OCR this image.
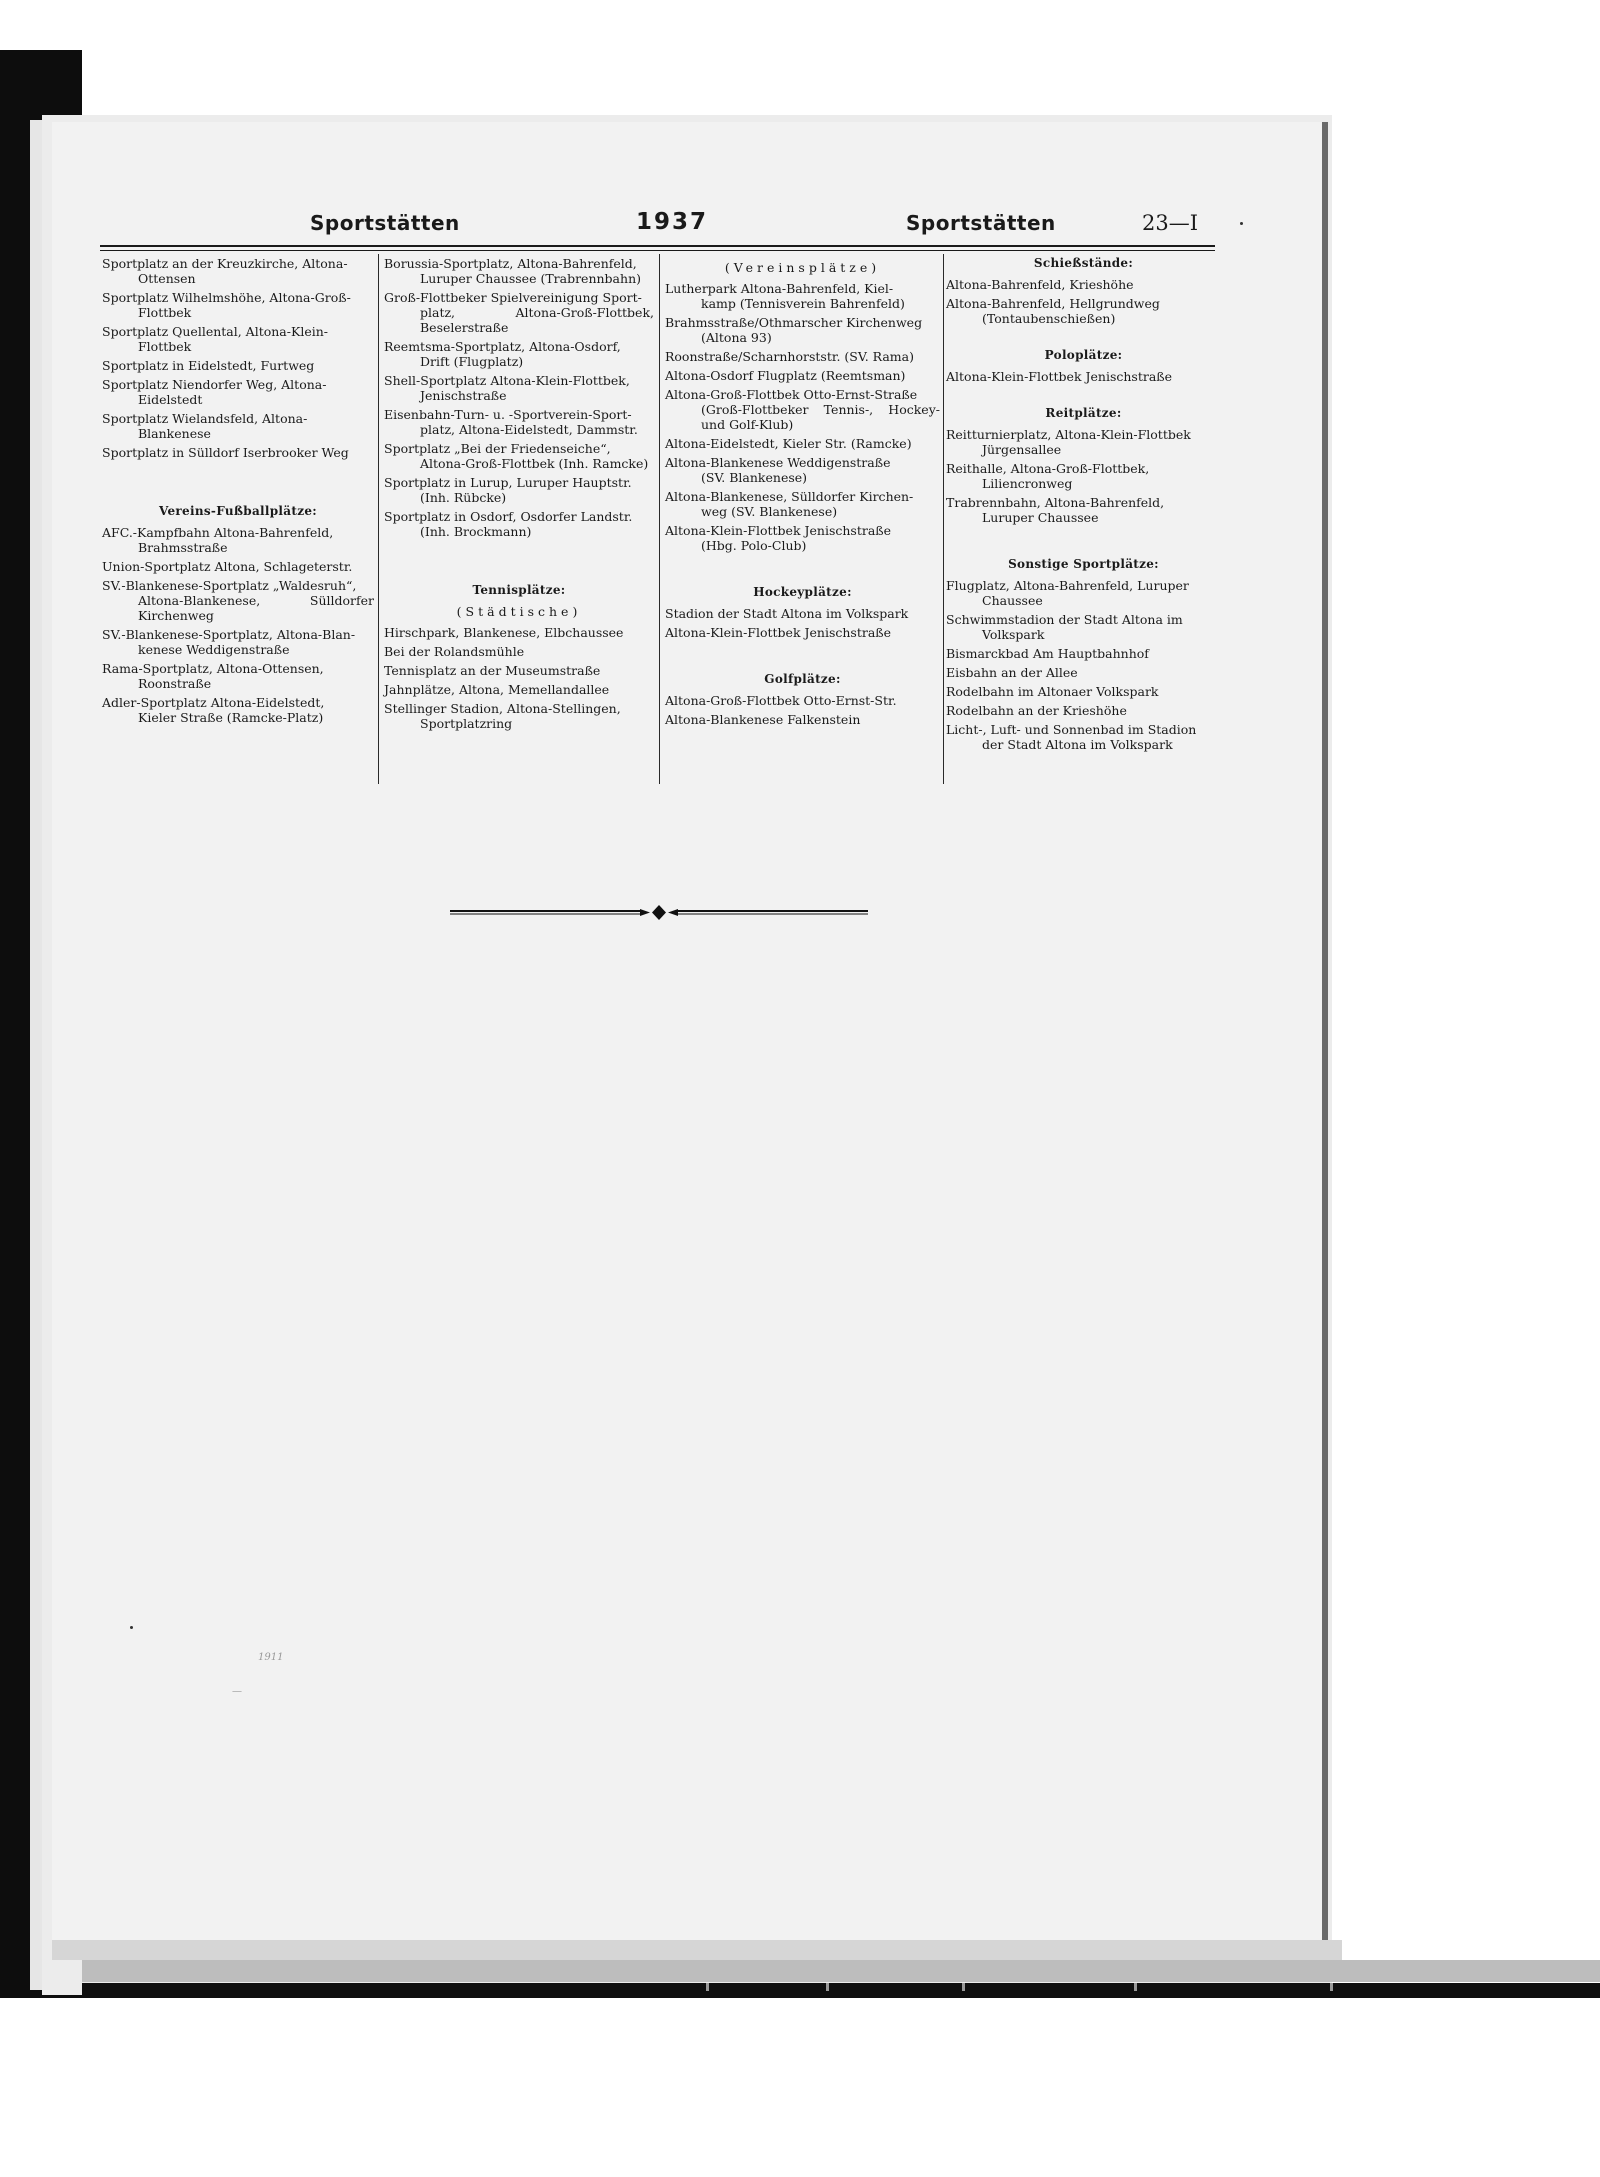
Sportstätten	1937	Sportstätten	23—I
Sportplatz an der Kreuzkirche, Altona-
Ottensen
Sportplatz Wilhelmshöhe, Altona-Groß-
Flottbek
Sportplatz Quellental, Altona-Klein-
Flottbek
Sportplatz in Eidelstedt, Furtweg
Sportplatz Niendorfer Weg, Altona-
Eidelstedt
Sportplatz Wielandsfeld, Altona-
Blankenese
Sportplatz in Sülldorf Iserbrooker Weg
Vereins-Fußballplätze:
AFC.-Kampfbahn Altona-Bahrenfeld,
Brahmsstraße
Union-Sportplatz Altona, Schlageterstr.
SV.-Blankenese-Sportplatz „Waldesruh“,
Altona-Blankenese, Sülldorfer Kirchenweg
SV.-Blankenese-Sportplatz, Altona-Blan-
kenese Weddigenstraße
Rama-Sportplatz, Altona-Ottensen,
Roonstraße
Adler-Sportplatz Altona-Eidelstedt,
Kieler Straße (Ramcke-Platz)
Borussia-Sportplatz, Altona-Bahrenfeld,
Luruper Chaussee (Trabrennbahn)
Groß-Flottbeker Spielvereinigung Sport-
platz, Altona-Groß-Flottbek, Beselerstraße
Reemtsma-Sportplatz, Altona-Osdorf,
Drift (Flugplatz)
Shell-Sportplatz Altona-Klein-Flottbek,
Jenischstraße
Eisenbahn-Turn- u. -Sportverein-Sport-
platz, Altona-Eidelstedt, Dammstr.
Sportplatz „Bei der Friedenseiche“,
Altona-Groß-Flottbek (Inh. Ramcke)
Sportplatz in Lurup, Luruper Hauptstr.
(Inh. Rübcke)
Sportplatz in Osdorf, Osdorfer Landstr.
(Inh. Brockmann)
Tennisplätze:
(Städtische)
Hirschpark, Blankenese, Elbchaussee
Bei der Rolandsmühle
Tennisplatz an der Museumstraße
Jahnplätze, Altona, Memellandallee
Stellinger Stadion, Altona-Stellingen,
Sportplatzring
(Vereinsplätze)
Lutherpark Altona-Bahrenfeld, Kiel-
kamp (Tennisverein Bahrenfeld)
Brahmsstraße/Othmarscher Kirchenweg
(Altona 93)
Roonstraße/Scharnhorststr. (SV. Rama)
Altona-Osdorf Flugplatz (Reemtsman)
Altona-Groß-Flottbek Otto-Ernst-Straße
(Groß-Flottbeker Tennis-, Hockey- und Golf-Klub)
Altona-Eidelstedt, Kieler Str. (Ramcke)
Altona-Blankenese Weddigenstraße
(SV. Blankenese)
Altona-Blankenese, Sülldorfer Kirchen-
weg (SV. Blankenese)
Altona-Klein-Flottbek Jenischstraße
(Hbg. Polo-Club)
Hockeyplätze:
Stadion der Stadt Altona im Volkspark
Altona-Klein-Flottbek Jenischstraße
Golfplätze:
Altona-Groß-Flottbek Otto-Ernst-Str.
Altona-Blankenese Falkenstein
Schießstände:
Altona-Bahrenfeld, Krieshöhe
Altona-Bahrenfeld, Hellgrundweg
(Tontaubenschießen)
Poloplätze:
Altona-Klein-Flottbek Jenischstraße
Reitplätze:
Reitturnierplatz, Altona-Klein-Flottbek
Jürgensallee
Reithalle, Altona-Groß-Flottbek,
Liliencronweg
Trabrennbahn, Altona-Bahrenfeld,
Luruper Chaussee
Sonstige Sportplätze:
Flugplatz, Altona-Bahrenfeld, Luruper
Chaussee
Schwimmstadion der Stadt Altona im
Volkspark
Bismarckbad Am Hauptbahnhof
Eisbahn an der Allee
Rodelbahn im Altonaer Volkspark
Rodelbahn an der Krieshöhe
Licht-, Luft- und Sonnenbad im Stadion
der Stadt Altona im Volkspark
1911
—
